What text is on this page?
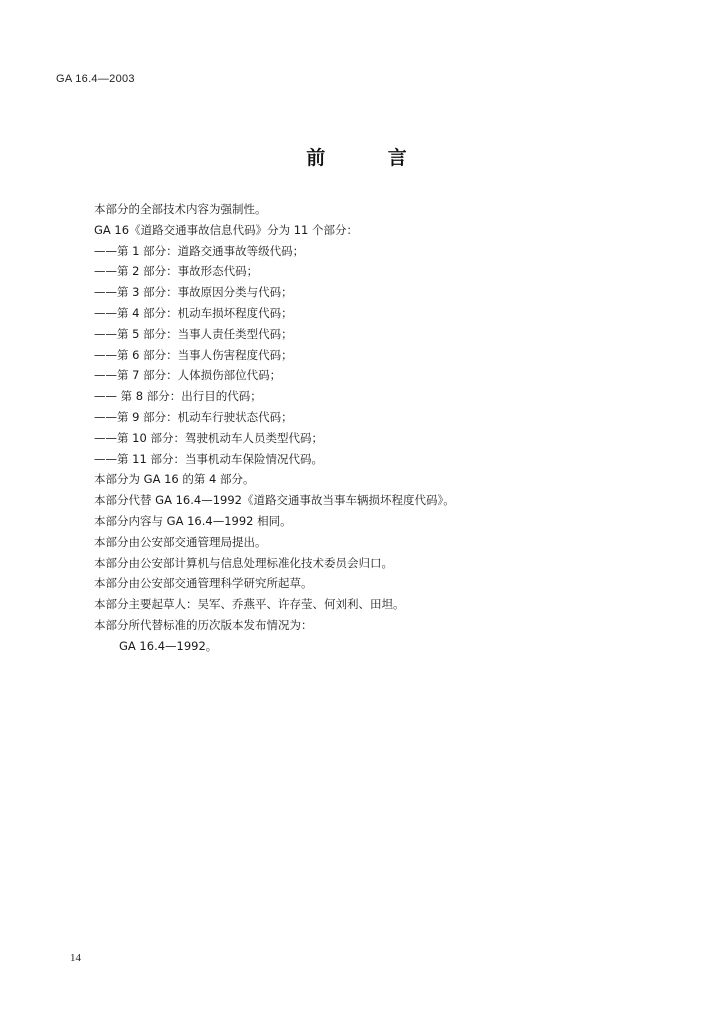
GA 16.4—2003
前 言
本部分的全部技术内容为强制性。
GA 16《道路交通事故信息代码》分为 11 个部分：
——第 1 部分：道路交通事故等级代码；
——第 2 部分：事故形态代码；
——第 3 部分：事故原因分类与代码；
——第 4 部分：机动车损坏程度代码；
——第 5 部分：当事人责任类型代码；
——第 6 部分：当事人伤害程度代码；
——第 7 部分：人体损伤部位代码；
—— 第 8 部分：出行目的代码；
——第 9 部分：机动车行驶状态代码；
——第 10 部分：驾驶机动车人员类型代码；
——第 11 部分：当事机动车保险情况代码。
本部分为 GA 16 的第 4 部分。
本部分代替 GA 16.4—1992《道路交通事故当事车辆损坏程度代码》。
本部分内容与 GA 16.4—1992 相同。
本部分由公安部交通管理局提出。
本部分由公安部计算机与信息处理标准化技术委员会归口。
本部分由公安部交通管理科学研究所起草。
本部分主要起草人：吴军、乔燕平、许存莹、何刘利、田坦。
本部分所代替标准的历次版本发布情况为：
GA 16.4—1992。
14
